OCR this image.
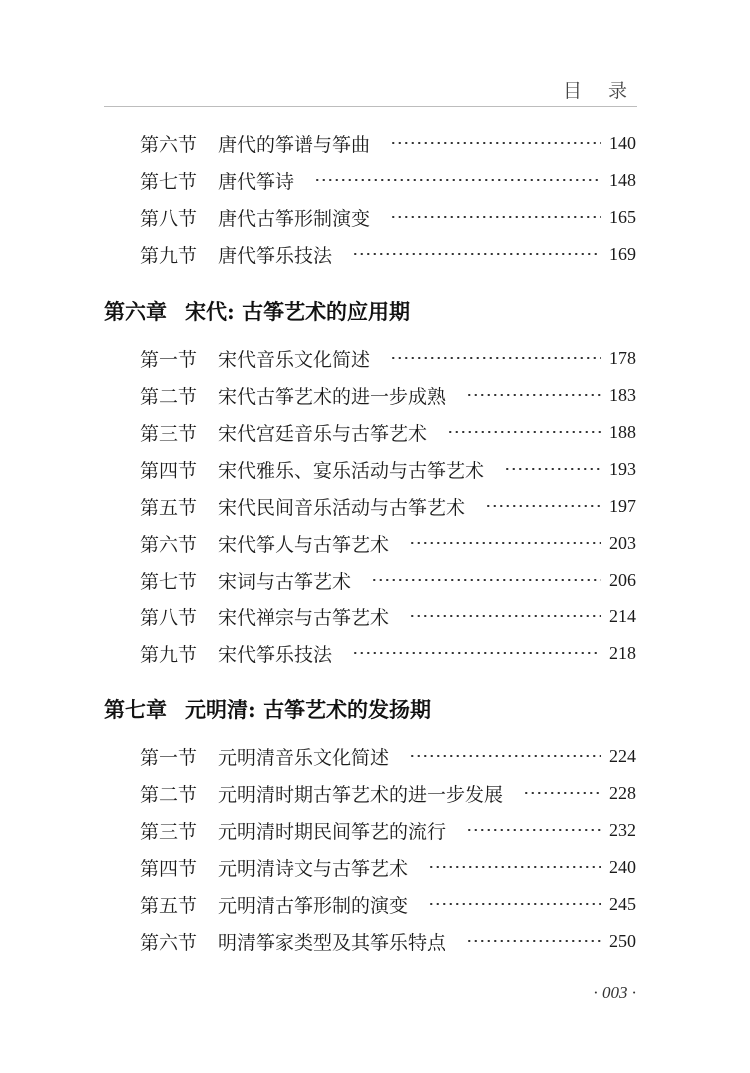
目 录
第六节	唐代的筝谱与筝曲	140
第七节	唐代筝诗	148
第八节	唐代古筝形制演变	165
第九节	唐代筝乐技法	169
第六章 宋代: 古筝艺术的应用期
第一节	宋代音乐文化简述	178
第二节	宋代古筝艺术的进一步成熟	183
第三节	宋代宫廷音乐与古筝艺术	188
第四节	宋代雅乐、宴乐活动与古筝艺术	193
第五节	宋代民间音乐活动与古筝艺术	197
第六节	宋代筝人与古筝艺术	203
第七节	宋词与古筝艺术	206
第八节	宋代禅宗与古筝艺术	214
第九节	宋代筝乐技法	218
第七章 元明清: 古筝艺术的发扬期
第一节	元明清音乐文化简述	224
第二节	元明清时期古筝艺术的进一步发展	228
第三节	元明清时期民间筝艺的流行	232
第四节	元明清诗文与古筝艺术	240
第五节	元明清古筝形制的演变	245
第六节	明清筝家类型及其筝乐特点	250
· 003 ·
